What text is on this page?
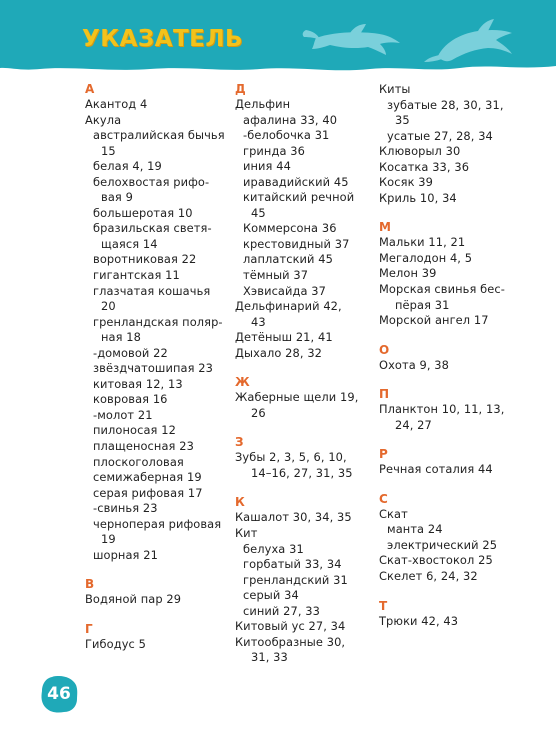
УКАЗАТЕЛЬ
А
Акантод 4
Акула
австралийская бычья
15
белая 4, 19
белохвостая рифо-
вая 9
большеротая 10
бразильская светя-
щаяся 14
воротниковая 22
гигантская 11
глазчатая кошачья
20
гренландская поляр-
ная 18
-домовой 22
звёздчатошипая 23
китовая 12, 13
ковровая 16
-молот 21
пилоносая 12
плащеносная 23
плоскоголовая
семижаберная 19
серая рифовая 17
-свинья 23
черноперая рифовая
19
шорная 21
В
Водяной пар 29
Г
Гибодус 5
Д
Дельфин
афалина 33, 40
-белобочка 31
гринда 36
иния 44
иравадийский 45
китайский речной
45
Коммерсона 36
крестовидный 37
лаплатский 45
тёмный 37
Хэвисайда 37
Дельфинарий 42,
43
Детёныш 21, 41
Дыхало 28, 32
Ж
Жаберные щели 19,
26
З
Зубы 2, 3, 5, 6, 10,
14–16, 27, 31, 35
К
Кашалот 30, 34, 35
Кит
белуха 31
горбатый 33, 34
гренландский 31
серый 34
синий 27, 33
Китовый ус 27, 34
Китообразные 30,
31, 33
Киты
зубатые 28, 30, 31,
35
усатые 27, 28, 34
Клюворыл 30
Косатка 33, 36
Косяк 39
Криль 10, 34
М
Мальки 11, 21
Мегалодон 4, 5
Мелон 39
Морская свинья бес-
пёрая 31
Морской ангел 17
О
Охота 9, 38
П
Планктон 10, 11, 13,
24, 27
Р
Речная соталия 44
С
Скат
манта 24
электрический 25
Скат-хвостокол 25
Скелет 6, 24, 32
Т
Трюки 42, 43
46
